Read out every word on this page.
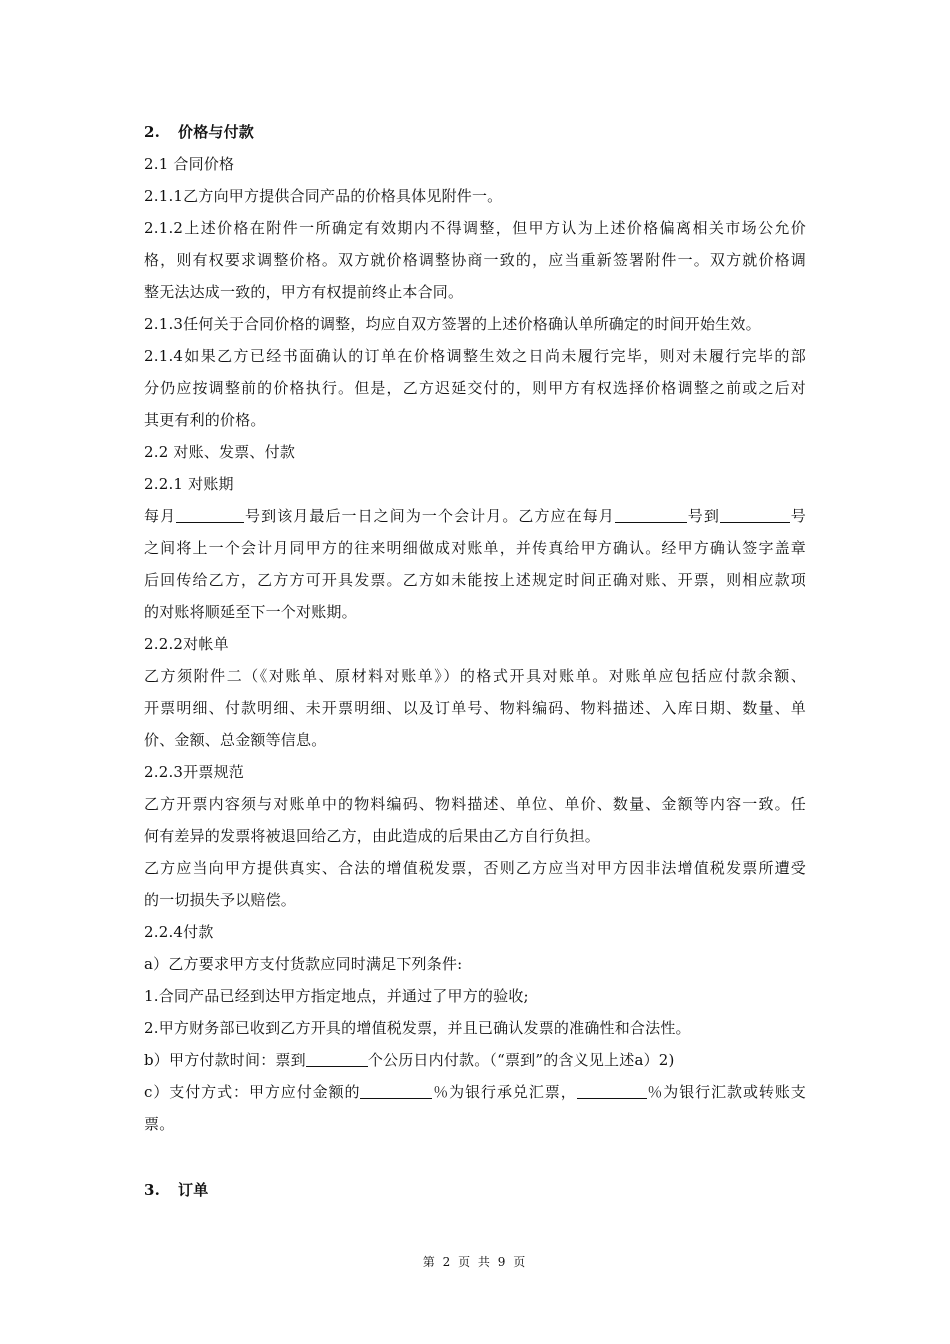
2. 价格与付款
2.1 合同价格
2.1.1乙方向甲方提供合同产品的价格具体见附件一。
2.1.2上述价格在附件一所确定有效期内不得调整，但甲方认为上述价格偏离相关市场公允价
格，则有权要求调整价格。双方就价格调整协商一致的，应当重新签署附件一。双方就价格调
整无法达成一致的，甲方有权提前终止本合同。
2.1.3任何关于合同价格的调整，均应自双方签署的上述价格确认单所确定的时间开始生效。
2.1.4如果乙方已经书面确认的订单在价格调整生效之日尚未履行完毕，则对未履行完毕的部
分仍应按调整前的价格执行。但是，乙方迟延交付的，则甲方有权选择价格调整之前或之后对
其更有利的价格。
2.2 对账、发票、付款
2.2.1 对账期
每月	号到该月最后一日之间为一个会计月。乙方应在每月	号到	号
之间将上一个会计月同甲方的往来明细做成对账单，并传真给甲方确认。经甲方确认签字盖章
后回传给乙方，乙方方可开具发票。乙方如未能按上述规定时间正确对账、开票，则相应款项
的对账将顺延至下一个对账期。
2.2.2对帐单
乙方须附件二（《对账单、原材料对账单》）的格式开具对账单。对账单应包括应付款余额、
开票明细、付款明细、未开票明细、以及订单号、物料编码、物料描述、入库日期、数量、单
价、金额、总金额等信息。
2.2.3开票规范
乙方开票内容须与对账单中的物料编码、物料描述、单位、单价、数量、金额等内容一致。任
何有差异的发票将被退回给乙方，由此造成的后果由乙方自行负担。
乙方应当向甲方提供真实、合法的增值税发票，否则乙方应当对甲方因非法增值税发票所遭受
的一切损失予以赔偿。
2.2.4付款
a）乙方要求甲方支付货款应同时满足下列条件:
1.合同产品已经到达甲方指定地点，并通过了甲方的验收;
2.甲方财务部已收到乙方开具的增值税发票，并且已确认发票的准确性和合法性。
b）甲方付款时间：票到	个公历日内付款。（“票到”的含义见上述a）2)
c）支付方式：甲方应付金额的	％为银行承兑汇票，	％为银行汇款或转账支
票。
3. 订单
第 2 页 共 9 页
